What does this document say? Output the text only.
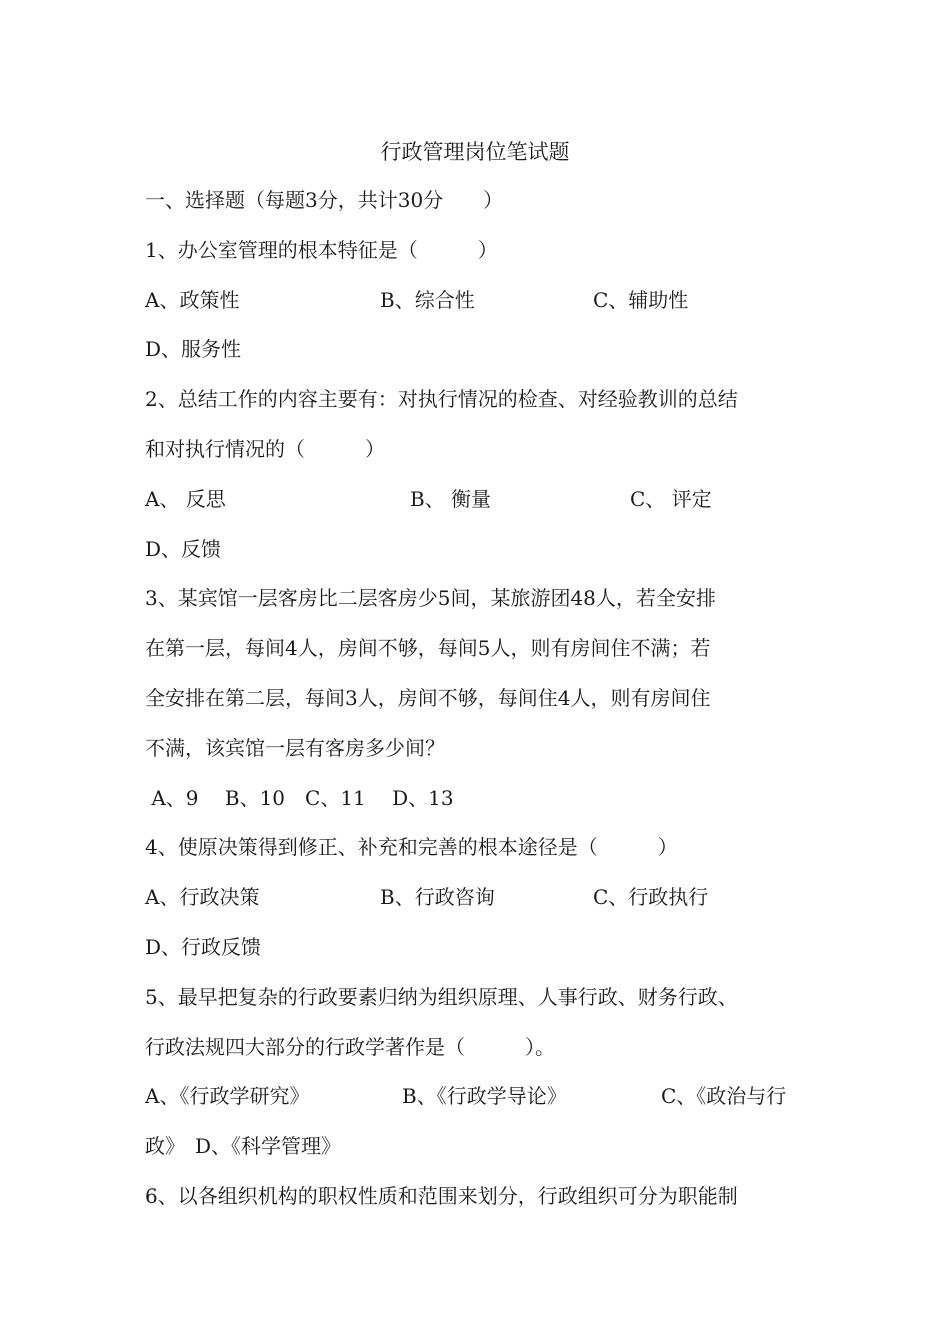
行政管理岗位笔试题
一、选择题（每题3分，共计30分　　）
1、办公室管理的根本特征是（　　　）

A、政策性

	B、综合性

	C、辅助性

D、服务性
2、总结工作的内容主要有：对执行情况的检查、对经验教训的总结
和对执行情况的（　　　）

A、 反思

	B、 衡量

	C、 评定

D、反馈
3、某宾馆一层客房比二层客房少5间，某旅游团48人，若全安排
在第一层，每间4人，房间不够，每间5人，则有房间住不满；若
全安排在第二层，每间3人，房间不够，每间住4人，则有房间住
不满，该宾馆一层有客房多少间？
A、9　 B、10　C、11　 D、13
4、使原决策得到修正、补充和完善的根本途径是（　　　）

A、行政决策

	B、行政咨询

	C、行政执行

D、行政反馈
5、最早把复杂的行政要素归纳为组织原理、人事行政、财务行政、
行政法规四大部分的行政学著作是（　　　）。

A、《行政学研究》

	B、《行政学导论》

	C、《政治与行

政》　D、《科学管理》
6、以各组织机构的职权性质和范围来划分，行政组织可分为职能制
